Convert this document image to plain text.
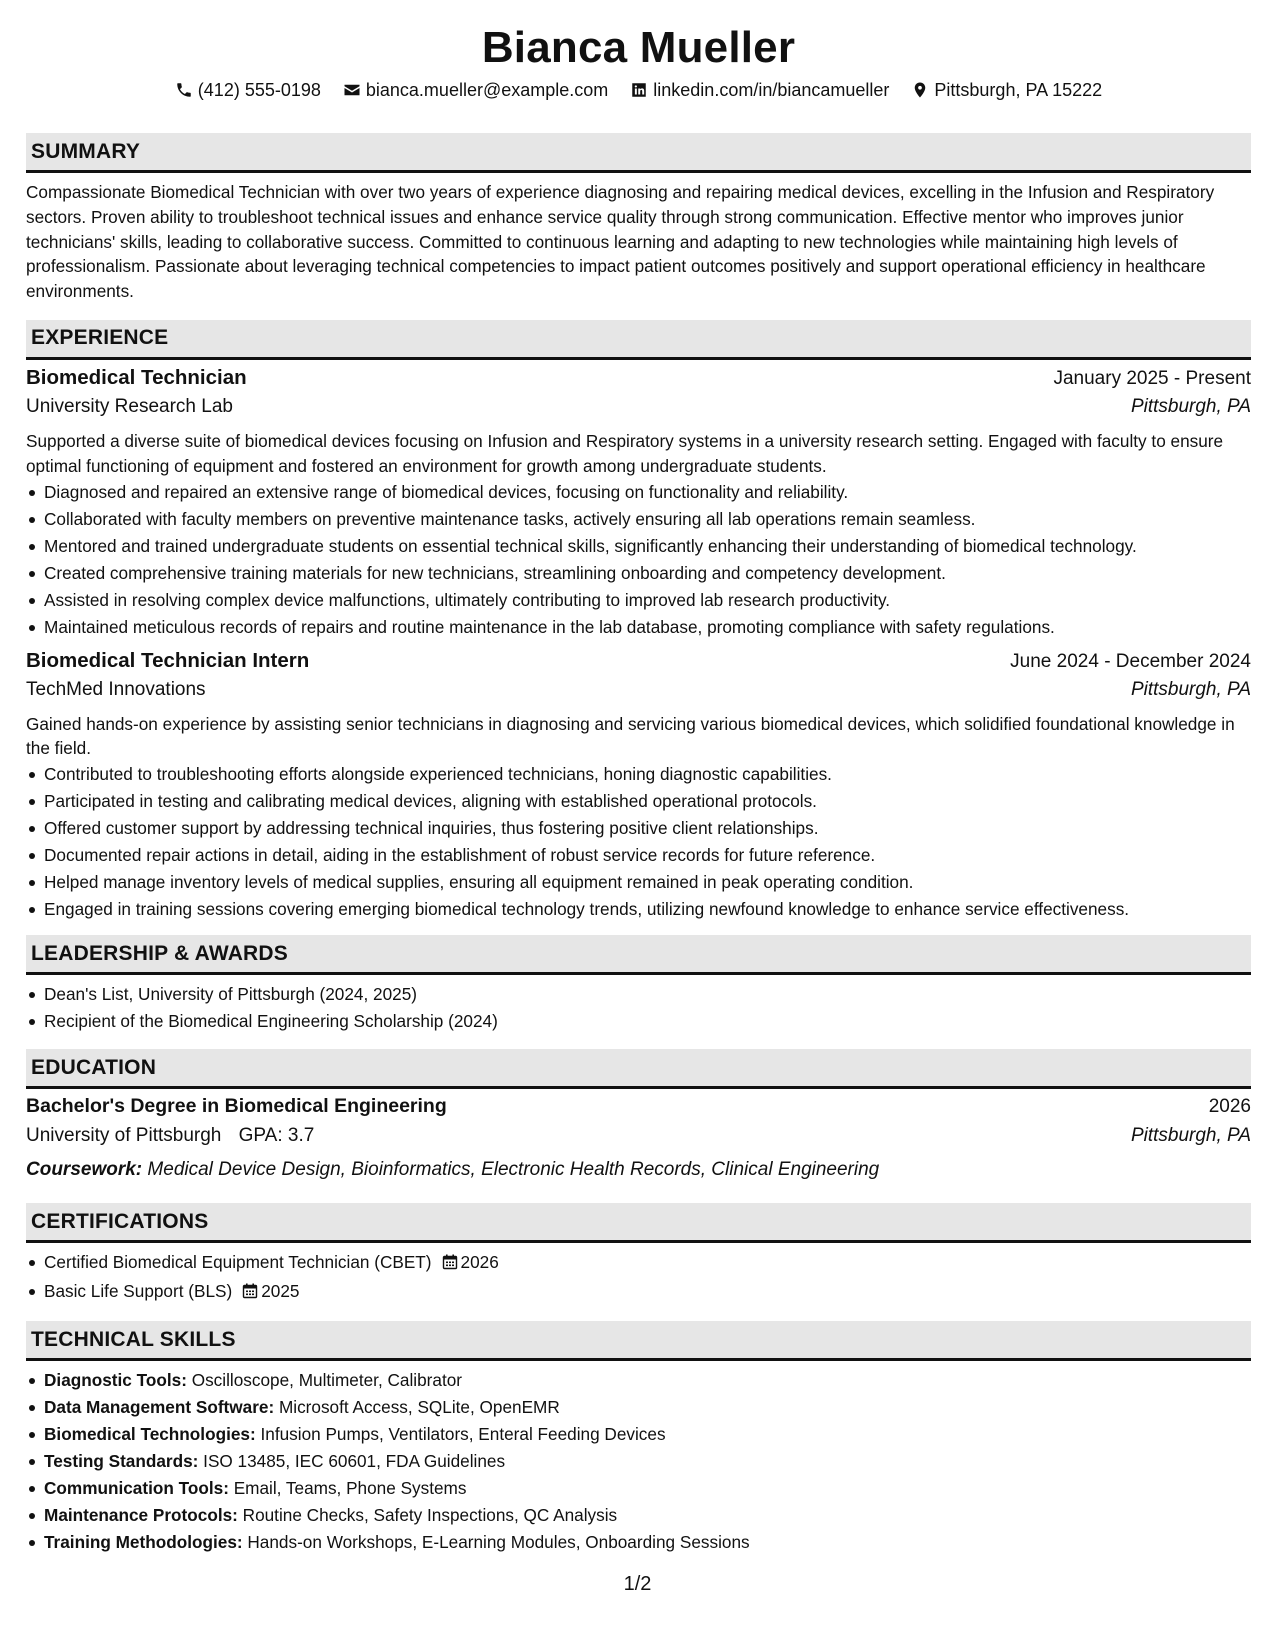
Bianca Mueller
(412) 555-0198	bianca.mueller@example.com	linkedin.com/in/biancamueller	Pittsburgh, PA 15222
SUMMARY
Compassionate Biomedical Technician with over two years of experience diagnosing and repairing medical devices, excelling in the Infusion and Respiratory sectors. Proven ability to troubleshoot technical issues and enhance service quality through strong communication. Effective mentor who improves junior technicians' skills, leading to collaborative success. Committed to continuous learning and adapting to new technologies while maintaining high levels of professionalism. Passionate about leveraging technical competencies to impact patient outcomes positively and support operational efficiency in healthcare environments.
EXPERIENCE
Biomedical Technician	January 2025 - Present
University Research Lab	Pittsburgh, PA
Supported a diverse suite of biomedical devices focusing on Infusion and Respiratory systems in a university research setting. Engaged with faculty to ensure optimal functioning of equipment and fostered an environment for growth among undergraduate students.
Diagnosed and repaired an extensive range of biomedical devices, focusing on functionality and reliability.
Collaborated with faculty members on preventive maintenance tasks, actively ensuring all lab operations remain seamless.
Mentored and trained undergraduate students on essential technical skills, significantly enhancing their understanding of biomedical technology.
Created comprehensive training materials for new technicians, streamlining onboarding and competency development.
Assisted in resolving complex device malfunctions, ultimately contributing to improved lab research productivity.
Maintained meticulous records of repairs and routine maintenance in the lab database, promoting compliance with safety regulations.
Biomedical Technician Intern	June 2024 - December 2024
TechMed Innovations	Pittsburgh, PA
Gained hands-on experience by assisting senior technicians in diagnosing and servicing various biomedical devices, which solidified foundational knowledge in the field.
Contributed to troubleshooting efforts alongside experienced technicians, honing diagnostic capabilities.
Participated in testing and calibrating medical devices, aligning with established operational protocols.
Offered customer support by addressing technical inquiries, thus fostering positive client relationships.
Documented repair actions in detail, aiding in the establishment of robust service records for future reference.
Helped manage inventory levels of medical supplies, ensuring all equipment remained in peak operating condition.
Engaged in training sessions covering emerging biomedical technology trends, utilizing newfound knowledge to enhance service effectiveness.
LEADERSHIP & AWARDS
Dean's List, University of Pittsburgh (2024, 2025)
Recipient of the Biomedical Engineering Scholarship (2024)
EDUCATION
Bachelor's Degree in Biomedical Engineering	2026
University of Pittsburgh GPA: 3.7	Pittsburgh, PA
Coursework: Medical Device Design, Bioinformatics, Electronic Health Records, Clinical Engineering
CERTIFICATIONS
Certified Biomedical Equipment Technician (CBET) 2026
Basic Life Support (BLS) 2025
TECHNICAL SKILLS
Diagnostic Tools: Oscilloscope, Multimeter, Calibrator
Data Management Software: Microsoft Access, SQLite, OpenEMR
Biomedical Technologies: Infusion Pumps, Ventilators, Enteral Feeding Devices
Testing Standards: ISO 13485, IEC 60601, FDA Guidelines
Communication Tools: Email, Teams, Phone Systems
Maintenance Protocols: Routine Checks, Safety Inspections, QC Analysis
Training Methodologies: Hands-on Workshops, E-Learning Modules, Onboarding Sessions
1/2
